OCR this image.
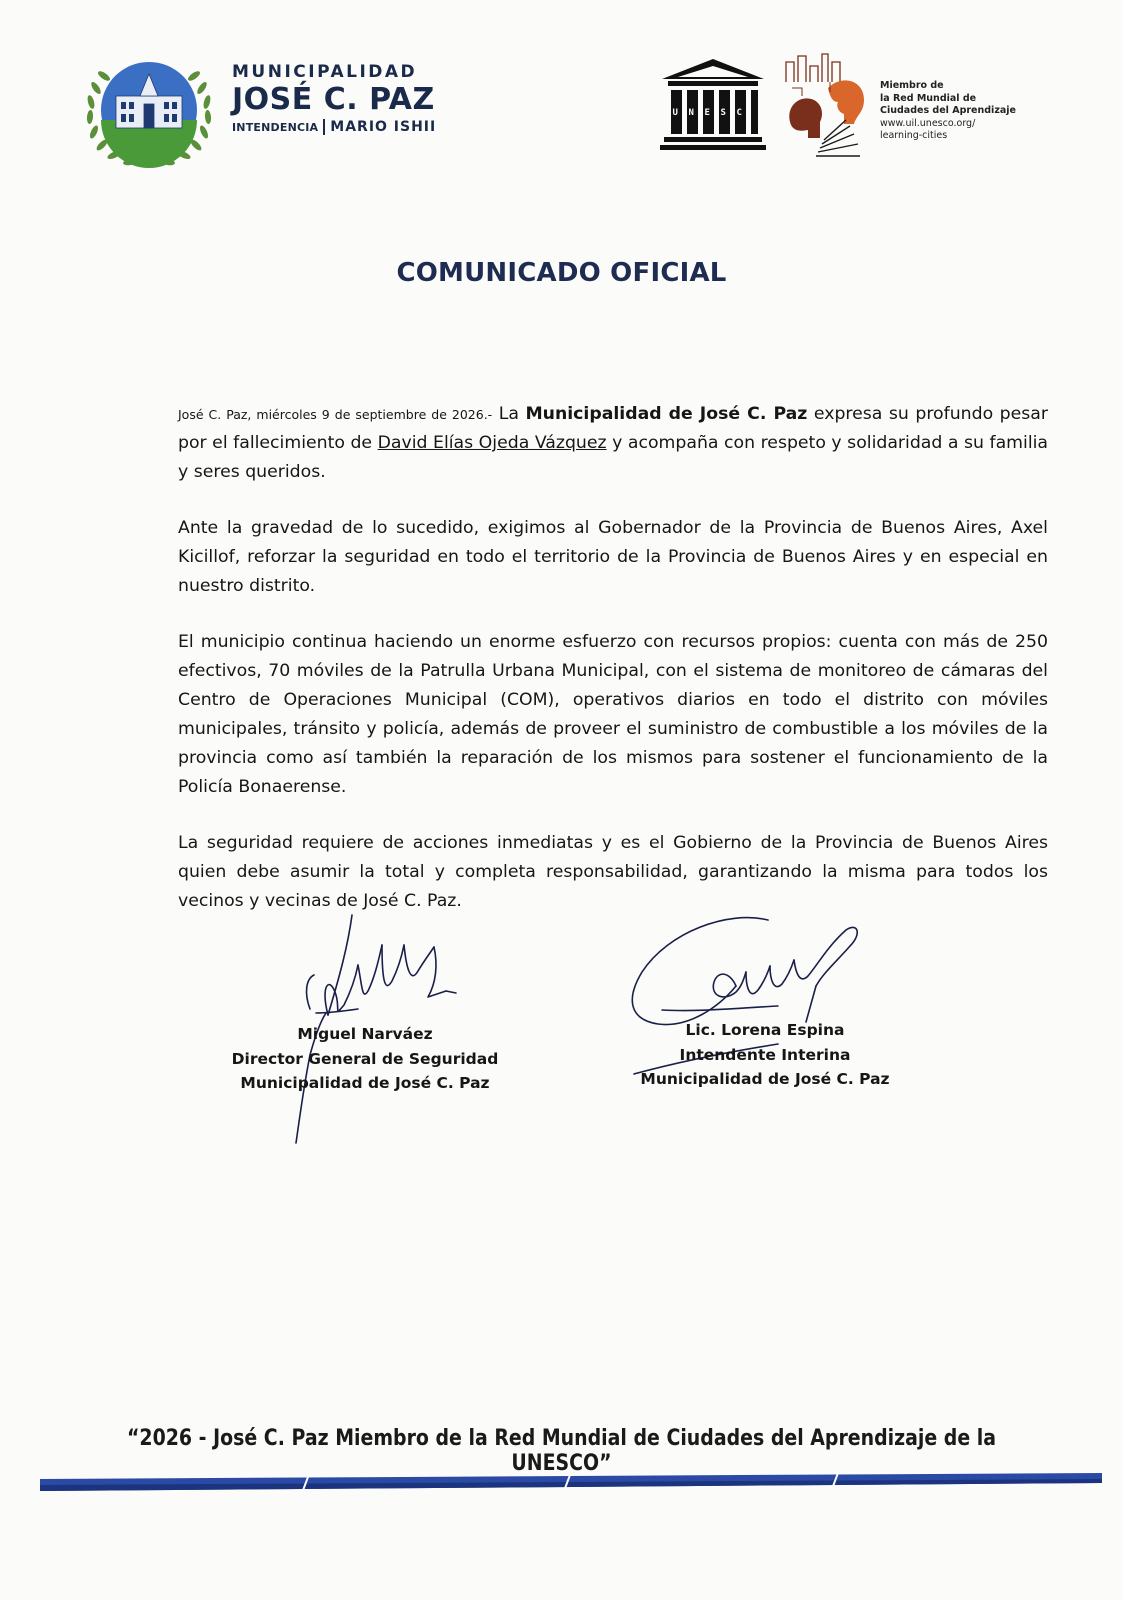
MUNICIPALIDAD
JOSÉ C. PAZ
INTENDENCIA MARIO ISHII
U N E S C
Miembro de
la Red Mundial de
Ciudades del Aprendizaje
www.uil.unesco.org/
learning-cities
COMUNICADO OFICIAL

José C. Paz, miércoles 9 de septiembre de 2026.- La Municipalidad de José C. Paz expresa su profundo pesar por el fallecimiento de David Elías Ojeda Vázquez y acompaña con respeto y solidaridad a su familia y seres queridos.

Ante la gravedad de lo sucedido, exigimos al Gobernador de la Provincia de Buenos Aires, Axel Kicillof, reforzar la seguridad en todo el territorio de la Provincia de Buenos Aires y en especial en nuestro distrito.

El municipio continua haciendo un enorme esfuerzo con recursos propios: cuenta con más de 250 efectivos, 70 móviles de la Patrulla Urbana Municipal, con el sistema de monitoreo de cámaras del Centro de Operaciones Municipal (COM), operativos diarios en todo el distrito con móviles municipales, tránsito y policía, además de proveer el suministro de combustible a los móviles de la provincia como así también la reparación de los mismos para sostener el funcionamiento de la Policía Bonaerense.

La seguridad requiere de acciones inmediatas y es el Gobierno de la Provincia de Buenos Aires quien debe asumir la total y completa responsabilidad, garantizando la misma para todos los vecinos y vecinas de José C. Paz.

Miguel Narváez
Director General de Seguridad
Municipalidad de José C. Paz
Lic. Lorena Espina
Intendente Interina
Municipalidad de José C. Paz
“2026 - José C. Paz Miembro de la Red Mundial de Ciudades del Aprendizaje de la UNESCO”
